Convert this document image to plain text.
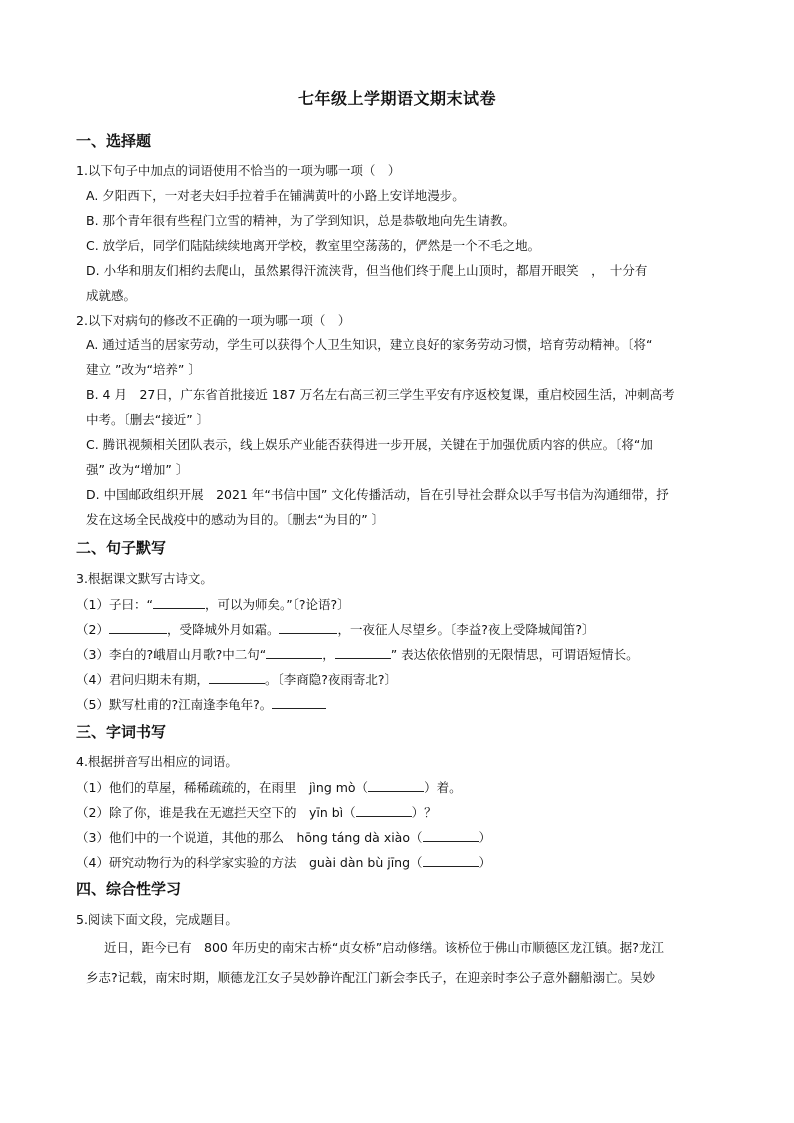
七年级上学期语文期末试卷
一、选择题
1.以下句子中加点的词语使用不恰当的一项为哪一项（　）
A. 夕阳西下，一对老夫妇手拉着手在铺满黄叶的小路上安详地漫步。
B. 那个青年很有些程门立雪的精神，为了学到知识，总是恭敬地向先生请教。
C. 放学后，同学们陆陆续续地离开学校，教室里空荡荡的，俨然是一个不毛之地。
D. 小华和朋友们相约去爬山，虽然累得汗流浃背，但当他们终于爬上山顶时，都眉开眼笑　，　十分有
成就感。
2.以下对病句的修改不正确的一项为哪一项（　）
A. 通过适当的居家劳动，学生可以获得个人卫生知识，建立良好的家务劳动习惯，培育劳动精神。〔将“
建立 ”改为“培养” 〕
B. 4 月　27日，广东省首批接近 187 万名左右高三初三学生平安有序返校复课，重启校园生活，冲刺高考
中考。〔删去“接近” 〕
C. 腾讯视频相关团队表示，线上娱乐产业能否获得进一步开展，关键在于加强优质内容的供应。〔将“加
强” 改为“增加” 〕
D. 中国邮政组织开展　2021 年“书信中国” 文化传播活动，旨在引导社会群众以手写书信为沟通细带，抒
发在这场全民战疫中的感动为目的。〔删去“为目的” 〕
二、句子默写
3.根据课文默写古诗文。
（1）子曰：“	，可以为师矣。”〔?论语?〕
（2）	，受降城外月如霜。	，一夜征人尽望乡。〔李益?夜上受降城闻笛?〕
（3）李白的?峨眉山月歌?中二句“	，	” 表达依依惜别的无限情思，可谓语短情长。
（4）君问归期未有期，	。〔李商隐?夜雨寄北?〕
（5）默写杜甫的?江南逢李龟年?。
三、字词书写
4.根据拼音写出相应的词语。
（1）他们的草屋，稀稀疏疏的，在雨里　jìng mò（	）着。
（2）除了你，谁是我在无遮拦天空下的　yīn bì（	）？
（3）他们中的一个说道，其他的那么　hōng táng dà xiào（	）
（4）研究动物行为的科学家实验的方法　guài dàn bù jīng（	）
四、综合性学习
5.阅读下面文段，完成题目。
近日，距今已有　800 年历史的南宋古桥“贞女桥”启动修缮。该桥位于佛山市顺德区龙江镇。据?龙江
乡志?记载，南宋时期，顺德龙江女子吴妙静许配江门新会李氏子，在迎亲时李公子意外翻船溺亡。吴妙
